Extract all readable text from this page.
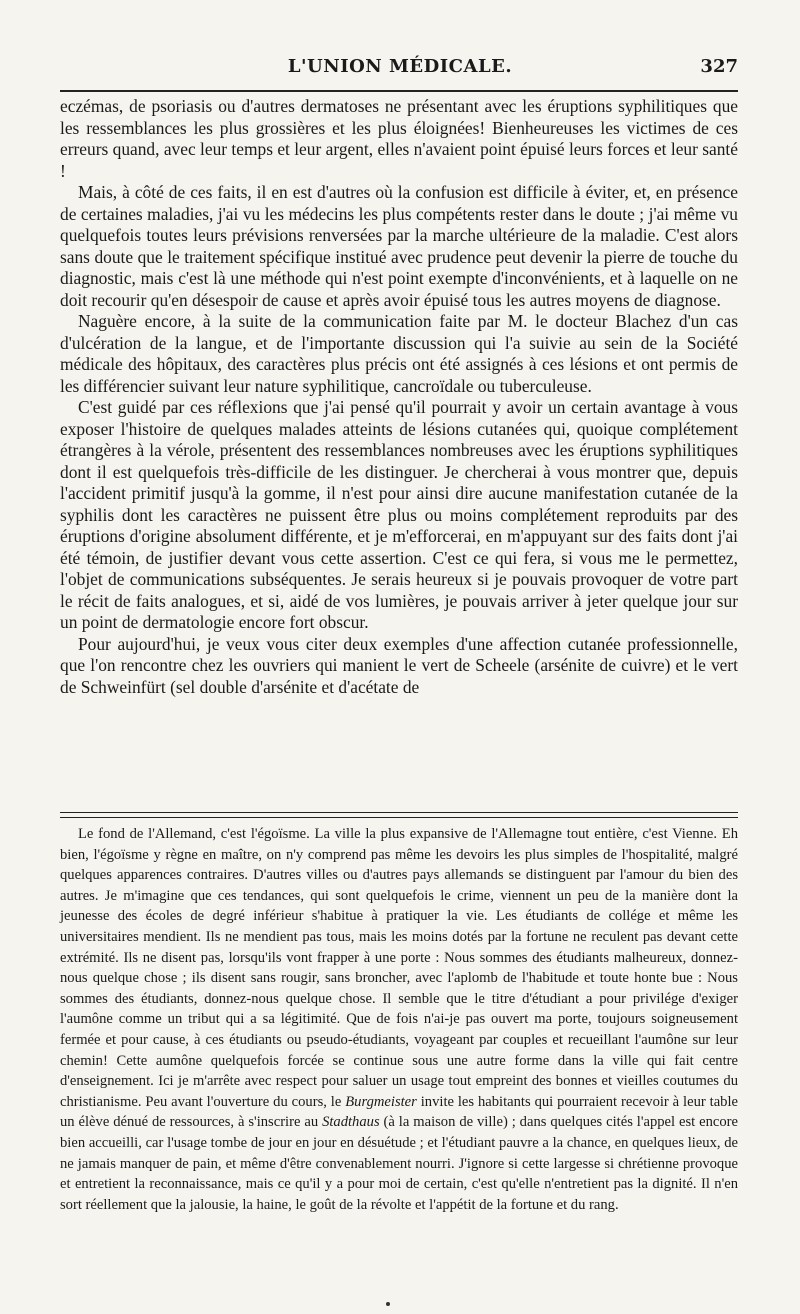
L'UNION MÉDICALE.	327

eczémas, de psoriasis ou d'autres dermatoses ne présentant avec les éruptions syphilitiques que les ressemblances les plus grossières et les plus éloignées! Bienheureuses les victimes de ces erreurs quand, avec leur temps et leur argent, elles n'avaient point épuisé leurs forces et leur santé !

Mais, à côté de ces faits, il en est d'autres où la confusion est difficile à éviter, et, en présence de certaines maladies, j'ai vu les médecins les plus compétents rester dans le doute ; j'ai même vu quelquefois toutes leurs prévisions renversées par la marche ultérieure de la maladie. C'est alors sans doute que le traitement spécifique institué avec prudence peut devenir la pierre de touche du diagnostic, mais c'est là une méthode qui n'est point exempte d'inconvénients, et à laquelle on ne doit recourir qu'en désespoir de cause et après avoir épuisé tous les autres moyens de diagnose.

Naguère encore, à la suite de la communication faite par M. le docteur Blachez d'un cas d'ulcération de la langue, et de l'importante discussion qui l'a suivie au sein de la Société médicale des hôpitaux, des caractères plus précis ont été assignés à ces lésions et ont permis de les différencier suivant leur nature syphilitique, cancroïdale ou tuberculeuse.

C'est guidé par ces réflexions que j'ai pensé qu'il pourrait y avoir un certain avantage à vous exposer l'histoire de quelques malades atteints de lésions cutanées qui, quoique complétement étrangères à la vérole, présentent des ressemblances nombreuses avec les éruptions syphilitiques dont il est quelquefois très-difficile de les distinguer. Je chercherai à vous montrer que, depuis l'accident primitif jusqu'à la gomme, il n'est pour ainsi dire aucune manifestation cutanée de la syphilis dont les caractères ne puissent être plus ou moins complétement reproduits par des éruptions d'origine absolument différente, et je m'efforcerai, en m'appuyant sur des faits dont j'ai été témoin, de justifier devant vous cette assertion. C'est ce qui fera, si vous me le permettez, l'objet de communications subséquentes. Je serais heureux si je pouvais provoquer de votre part le récit de faits analogues, et si, aidé de vos lumières, je pouvais arriver à jeter quelque jour sur un point de dermatologie encore fort obscur.

Pour aujourd'hui, je veux vous citer deux exemples d'une affection cutanée professionnelle, que l'on rencontre chez les ouvriers qui manient le vert de Scheele (arsénite de cuivre) et le vert de Schweinfürt (sel double d'arsénite et d'acétate de

Le fond de l'Allemand, c'est l'égoïsme. La ville la plus expansive de l'Allemagne tout entière, c'est Vienne. Eh bien, l'égoïsme y règne en maître, on n'y comprend pas même les devoirs les plus simples de l'hospitalité, malgré quelques apparences contraires. D'autres villes ou d'autres pays allemands se distinguent par l'amour du bien des autres. Je m'imagine que ces tendances, qui sont quelquefois le crime, viennent un peu de la manière dont la jeunesse des écoles de degré inférieur s'habitue à pratiquer la vie. Les étudiants de collége et même les universitaires mendient. Ils ne mendient pas tous, mais les moins dotés par la fortune ne reculent pas devant cette extrémité. Ils ne disent pas, lorsqu'ils vont frapper à une porte : Nous sommes des étudiants malheureux, donnez-nous quelque chose ; ils disent sans rougir, sans broncher, avec l'aplomb de l'habitude et toute honte bue : Nous sommes des étudiants, donnez-nous quelque chose. Il semble que le titre d'étudiant a pour privilége d'exiger l'aumône comme un tribut qui a sa légitimité. Que de fois n'ai-je pas ouvert ma porte, toujours soigneusement fermée et pour cause, à ces étudiants ou pseudo-étudiants, voyageant par couples et recueillant l'aumône sur leur chemin! Cette aumône quelquefois forcée se continue sous une autre forme dans la ville qui fait centre d'enseignement. Ici je m'arrête avec respect pour saluer un usage tout empreint des bonnes et vieilles coutumes du christianisme. Peu avant l'ouverture du cours, le Burgmeister invite les habitants qui pourraient recevoir à leur table un élève dénué de ressources, à s'inscrire au Stadthaus (à la maison de ville) ; dans quelques cités l'appel est encore bien accueilli, car l'usage tombe de jour en jour en désuétude ; et l'étudiant pauvre a la chance, en quelques lieux, de ne jamais manquer de pain, et même d'être convenablement nourri. J'ignore si cette largesse si chrétienne provoque et entretient la reconnaissance, mais ce qu'il y a pour moi de certain, c'est qu'elle n'entretient pas la dignité. Il n'en sort réellement que la jalousie, la haine, le goût de la révolte et l'appétit de la fortune et du rang.
